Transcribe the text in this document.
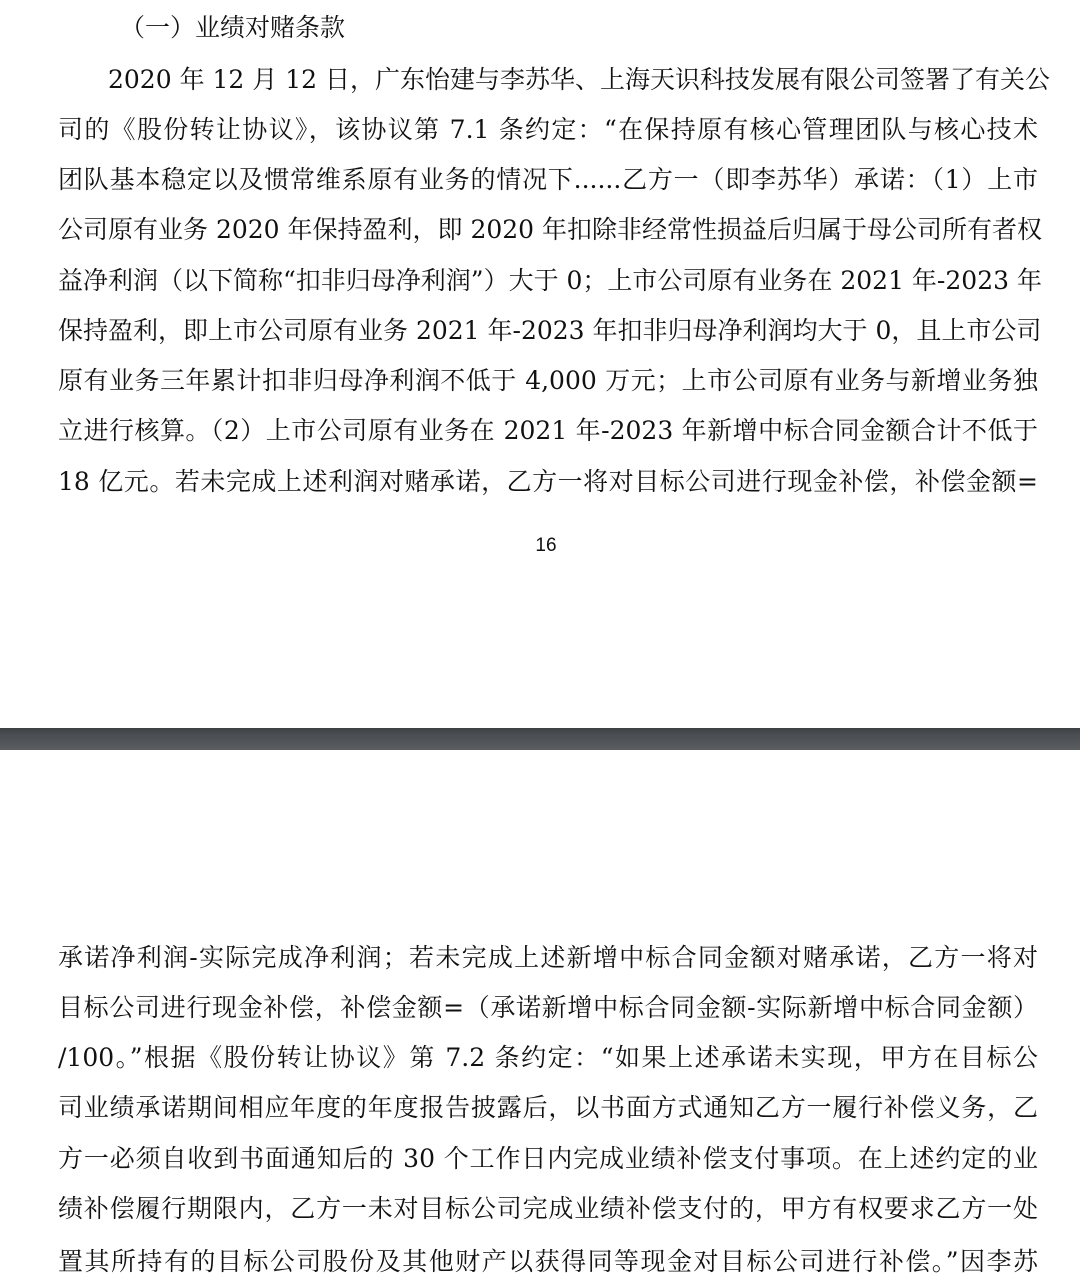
（一）业绩对赌条款
2020 年 12 月 12 日，广东怡建与李苏华、上海天识科技发展有限公司签署了有关公
司的《股份转让协议》，该协议第 7.1 条约定：“在保持原有核心管理团队与核心技术
团队基本稳定以及惯常维系原有业务的情况下......乙方一（即李苏华）承诺：（1）上市
公司原有业务 2020 年保持盈利，即 2020 年扣除非经常性损益后归属于母公司所有者权
益净利润（以下简称“扣非归母净利润”）大于 0；上市公司原有业务在 2021 年-2023 年
保持盈利，即上市公司原有业务 2021 年-2023 年扣非归母净利润均大于 0，且上市公司
原有业务三年累计扣非归母净利润不低于 4,000 万元；上市公司原有业务与新增业务独
立进行核算。（2）上市公司原有业务在 2021 年-2023 年新增中标合同金额合计不低于
18 亿元。若未完成上述利润对赌承诺，乙方一将对目标公司进行现金补偿，补偿金额=
16
承诺净利润-实际完成净利润；若未完成上述新增中标合同金额对赌承诺，乙方一将对
目标公司进行现金补偿，补偿金额=（承诺新增中标合同金额-实际新增中标合同金额）
/100。”根据《股份转让协议》第 7.2 条约定：“如果上述承诺未实现，甲方在目标公
司业绩承诺期间相应年度的年度报告披露后，以书面方式通知乙方一履行补偿义务，乙
方一必须自收到书面通知后的 30 个工作日内完成业绩补偿支付事项。在上述约定的业
绩补偿履行期限内，乙方一未对目标公司完成业绩补偿支付的，甲方有权要求乙方一处
置其所持有的目标公司股份及其他财产以获得同等现金对目标公司进行补偿。”因李苏
